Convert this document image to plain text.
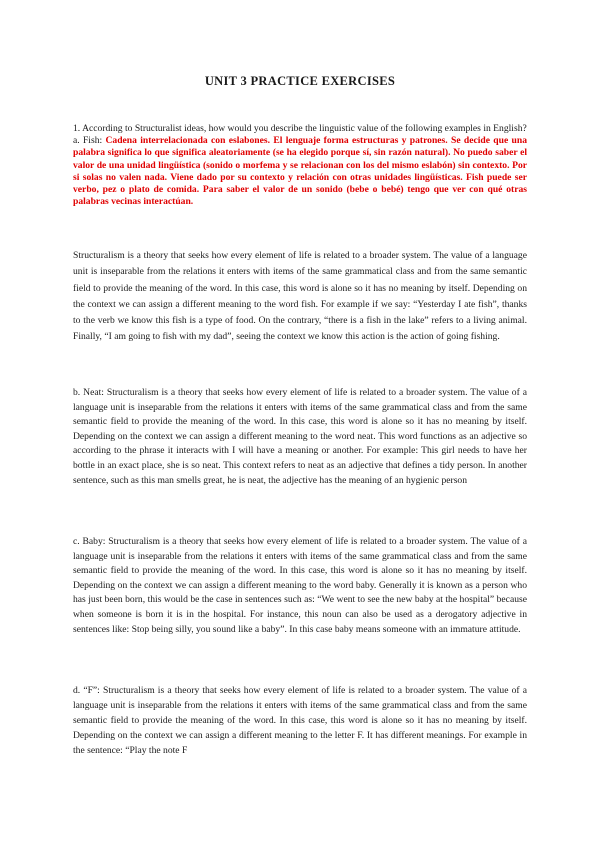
UNIT 3 PRACTICE EXERCISES

1. According to Structuralist ideas, how would you describe the linguistic value of the following examples in English?

a. Fish: Cadena interrelacionada con eslabones. El lenguaje forma estructuras y patrones. Se decide que una palabra significa lo que significa aleatoriamente (se ha elegido porque sí, sin razón natural). No puedo saber el valor de una unidad lingüística (sonido o morfema y se relacionan con los del mismo eslabón) sin contexto. Por si solas no valen nada. Viene dado por su contexto y relación con otras unidades lingüísticas. Fish puede ser verbo, pez o plato de comida. Para saber el valor de un sonido (bebe o bebé) tengo que ver con qué otras palabras vecinas interactúan.

Structuralism is a theory that seeks how every element of life is related to a broader system. The value of a language unit is inseparable from the relations it enters with items of the same grammatical class and from the same semantic field to provide the meaning of the word. In this case, this word is alone so it has no meaning by itself. Depending on the context we can assign a different meaning to the word fish. For example if we say: “Yesterday I ate fish”, thanks to the verb we know this fish is a type of food. On the contrary, “there is a fish in the lake” refers to a living animal. Finally, “I am going to fish with my dad”, seeing the context we know this action is the action of going fishing.
b. Neat: Structuralism is a theory that seeks how every element of life is related to a broader system. The value of a language unit is inseparable from the relations it enters with items of the same grammatical class and from the same semantic field to provide the meaning of the word. In this case, this word is alone so it has no meaning by itself. Depending on the context we can assign a different meaning to the word neat. This word functions as an adjective so according to the phrase it interacts with I will have a meaning or another. For example: This girl needs to have her bottle in an exact place, she is so neat. This context refers to neat as an adjective that defines a tidy person. In another sentence, such as this man smells great, he is neat, the adjective has the meaning of an hygienic person
c. Baby: Structuralism is a theory that seeks how every element of life is related to a broader system. The value of a language unit is inseparable from the relations it enters with items of the same grammatical class and from the same semantic field to provide the meaning of the word. In this case, this word is alone so it has no meaning by itself. Depending on the context we can assign a different meaning to the word baby. Generally it is known as a person who has just been born, this would be the case in sentences such as: “We went to see the new baby at the hospital” because when someone is born it is in the hospital. For instance, this noun can also be used as a derogatory adjective in sentences like: Stop being silly, you sound like a baby”. In this case baby means someone with an immature attitude.
d. “F”: Structuralism is a theory that seeks how every element of life is related to a broader system. The value of a language unit is inseparable from the relations it enters with items of the same grammatical class and from the same semantic field to provide the meaning of the word. In this case, this word is alone so it has no meaning by itself. Depending on the context we can assign a different meaning to the letter F. It has different meanings. For example in the sentence: “Play the note F
